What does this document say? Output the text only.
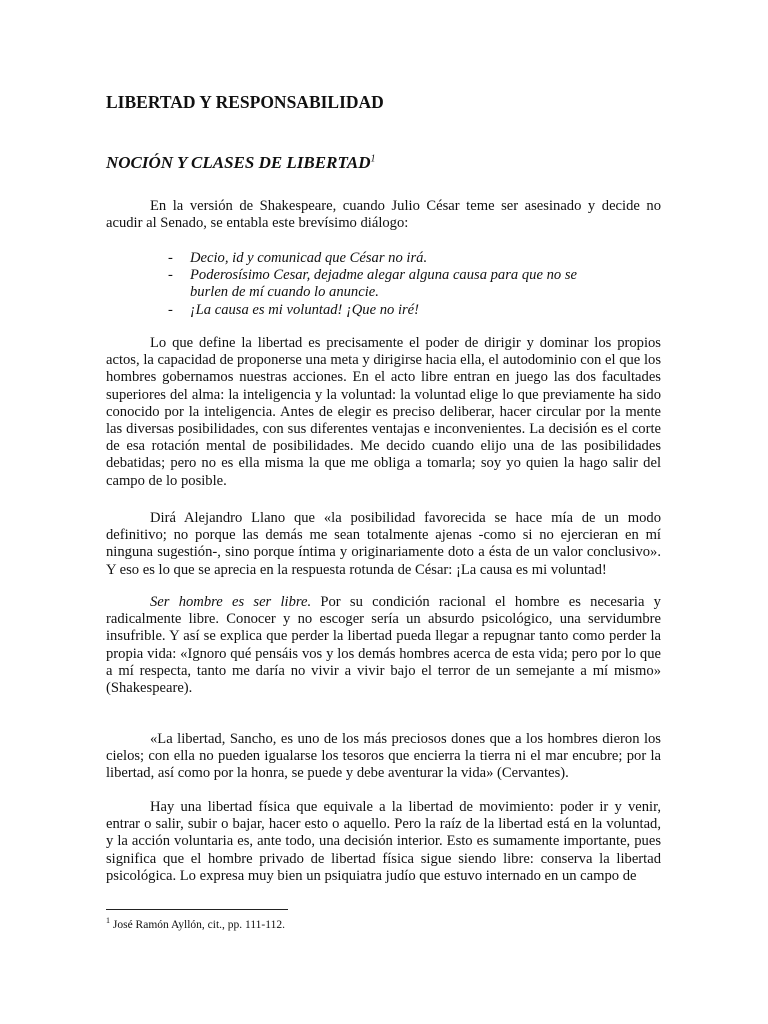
LIBERTAD Y RESPONSABILIDAD
NOCIÓN Y CLASES DE LIBERTAD$^1$

En la versión de Shakespeare, cuando Julio César teme ser asesinado y decide no acudir al Senado, se entabla este brevísimo diálogo:

- Decio, id y comunicad que César no irá.
- Poderosísimo Cesar, dejadme alegar alguna causa para que no se burlen de mí cuando lo anuncie.
- ¡La causa es mi voluntad! ¡Que no iré!

Lo que define la libertad es precisamente el poder de dirigir y dominar los propios actos, la capacidad de proponerse una meta y dirigirse hacia ella, el autodominio con el que los hombres gobernamos nuestras acciones. En el acto libre entran en juego las dos facultades superiores del alma: la inteligencia y la voluntad: la voluntad elige lo que previamente ha sido conocido por la inteligencia. Antes de elegir es preciso deliberar, hacer circular por la mente las diversas posibilidades, con sus diferentes ventajas e inconvenientes. La decisión es el corte de esa rotación mental de posibilidades. Me decido cuando elijo una de las posibilidades debatidas; pero no es ella misma la que me obliga a tomarla; soy yo quien la hago salir del campo de lo posible.

Dirá Alejandro Llano que «la posibilidad favorecida se hace mía de un modo definitivo; no porque las demás me sean totalmente ajenas -como si no ejercieran en mí ninguna sugestión-, sino porque íntima y originariamente doto a ésta de un valor conclusivo». Y eso es lo que se aprecia en la respuesta rotunda de César: ¡La causa es mi voluntad!

Ser hombre es ser libre. Por su condición racional el hombre es necesaria y radicalmente libre. Conocer y no escoger sería un absurdo psicológico, una servidumbre insufrible. Y así se explica que perder la libertad pueda llegar a repugnar tanto como perder la propia vida: «Ignoro qué pensáis vos y los demás hombres acerca de esta vida; pero por lo que a mí respecta, tanto me daría no vivir a vivir bajo el terror de un semejante a mí mismo» (Shakespeare).

«La libertad, Sancho, es uno de los más preciosos dones que a los hombres dieron los cielos; con ella no pueden igualarse los tesoros que encierra la tierra ni el mar encubre; por la libertad, así como por la honra, se puede y debe aventurar la vida» (Cervantes).

Hay una libertad física que equivale a la libertad de movimiento: poder ir y venir, entrar o salir, subir o bajar, hacer esto o aquello. Pero la raíz de la libertad está en la voluntad, y la acción voluntaria es, ante todo, una decisión interior. Esto es sumamente importante, pues significa que el hombre privado de libertad física sigue siendo libre: conserva la libertad psicológica. Lo expresa muy bien un psiquiatra judío que estuvo internado en un campo de

$^1$ José Ramón Ayllón, cit., pp. 111-112.
